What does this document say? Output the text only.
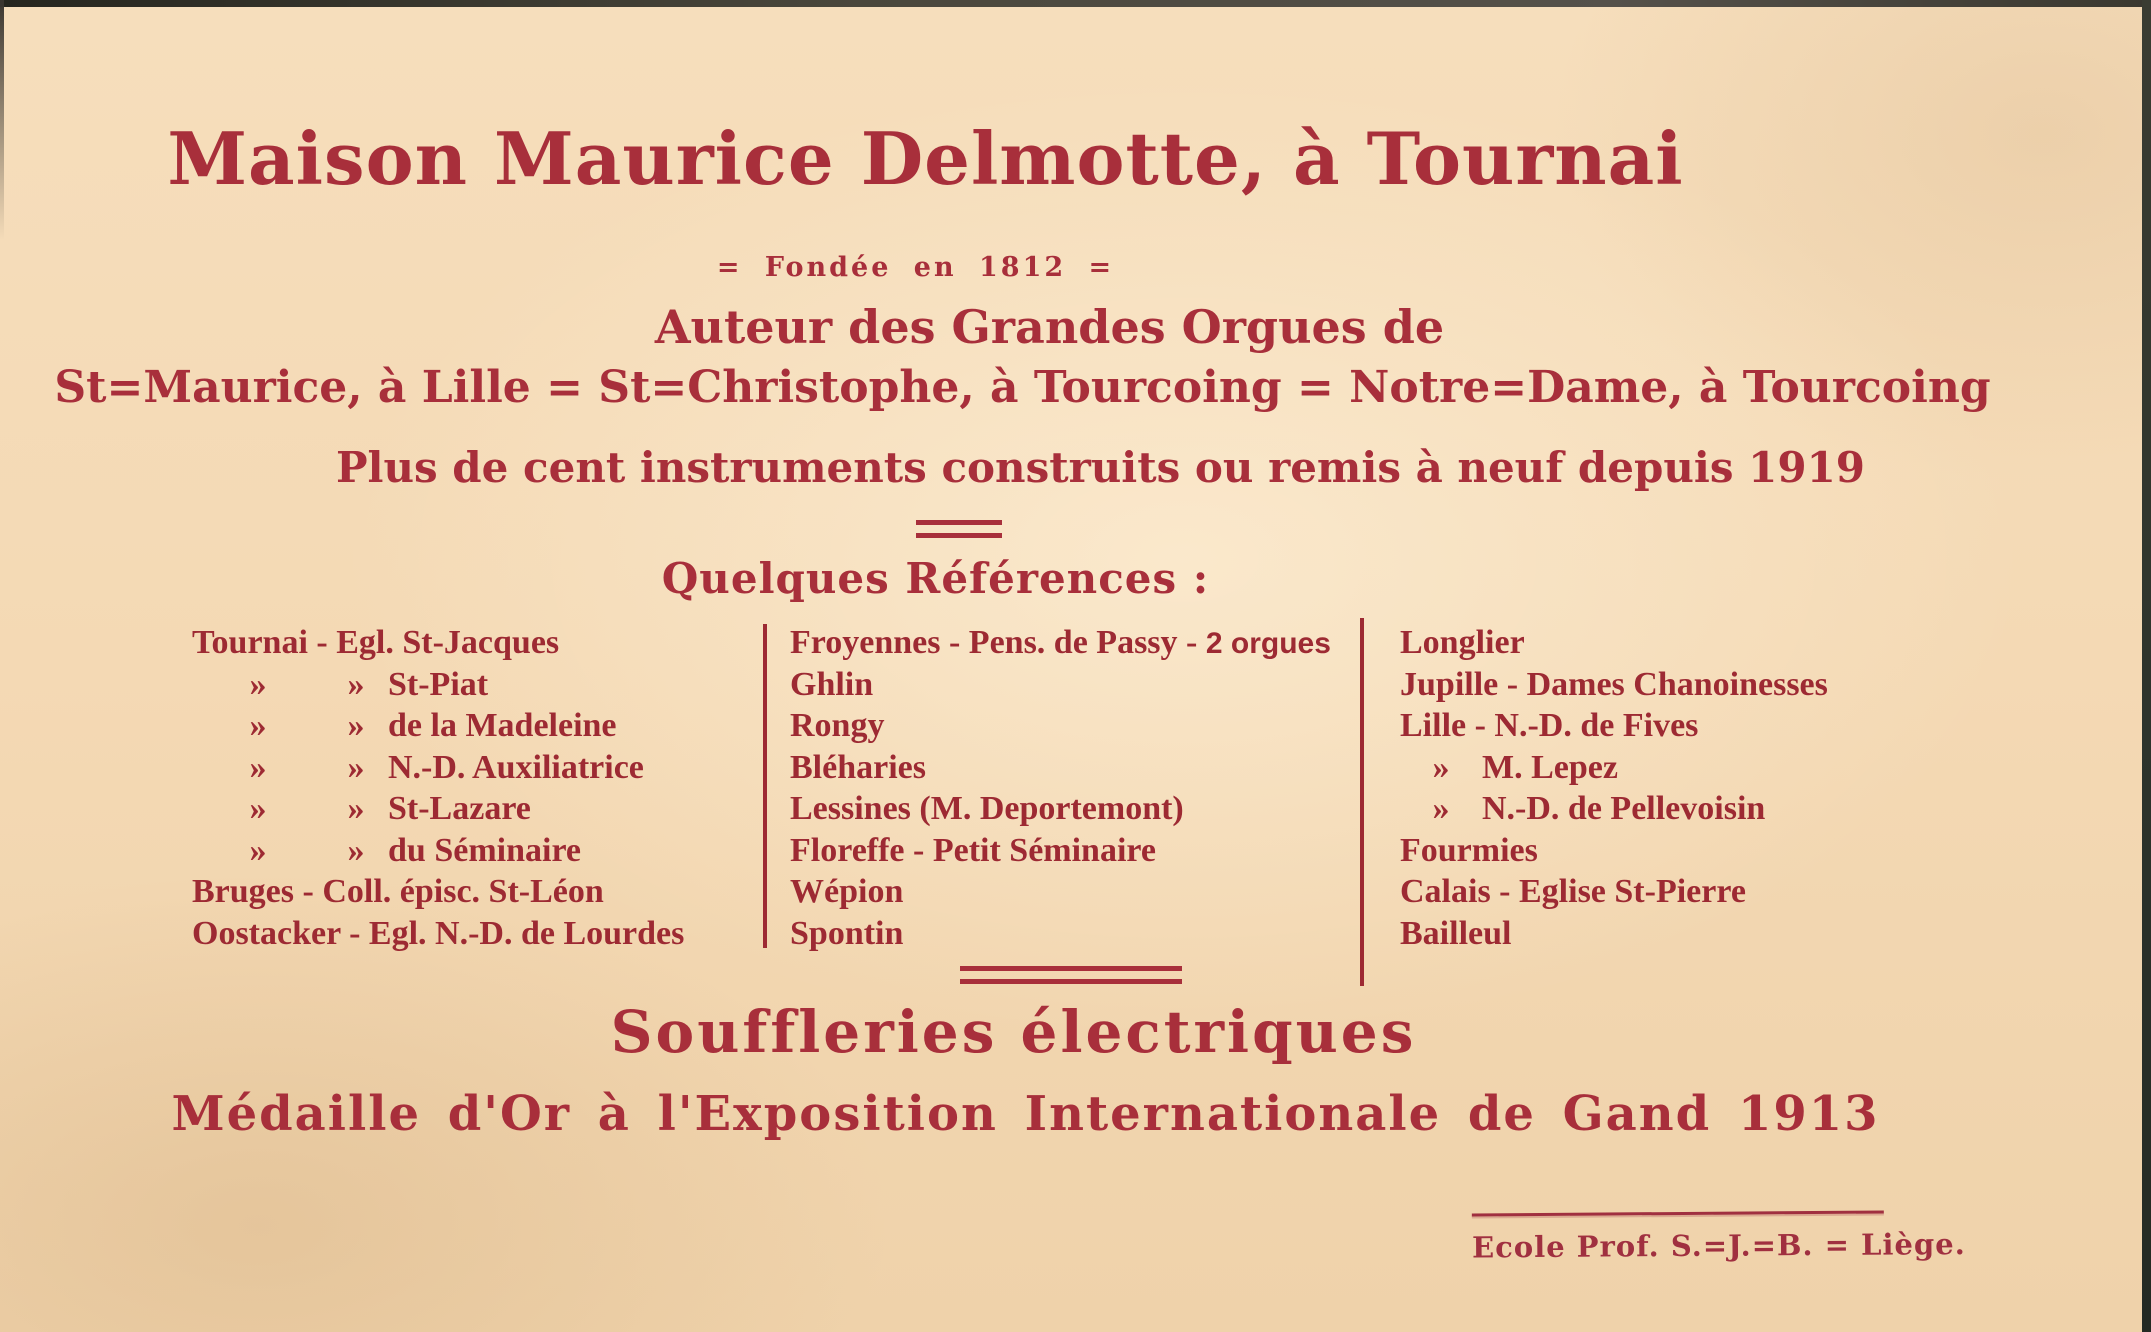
Maison Maurice Delmotte, à Tournai
= Fondée en 1812 =
Auteur des Grandes Orgues de
St=Maurice, à Lille = St=Christophe, à Tourcoing = Notre=Dame, à Tourcoing
Plus de cent instruments construits ou remis à neuf depuis 1919
Quelques Références :
Tournai - Egl. St-Jacques
» » St-Piat
» » de la Madeleine
» » N.-D. Auxiliatrice
» » St-Lazare
» » du Séminaire
Bruges - Coll. épisc. St-Léon
Oostacker - Egl. N.-D. de Lourdes
Froyennes - Pens. de Passy - 2 orgues
Ghlin
Rongy
Bléharies
Lessines (M. Deportemont)
Floreffe - Petit Séminaire
Wépion
Spontin
Longlier
Jupille - Dames Chanoinesses
Lille - N.-D. de Fives
» M. Lepez
» N.-D. de Pellevoisin
Fourmies
Calais - Eglise St-Pierre
Bailleul
Souffleries électriques
Médaille d'Or à l'Exposition Internationale de Gand 1913
Ecole Prof. S.=J.=B. = Liège.
